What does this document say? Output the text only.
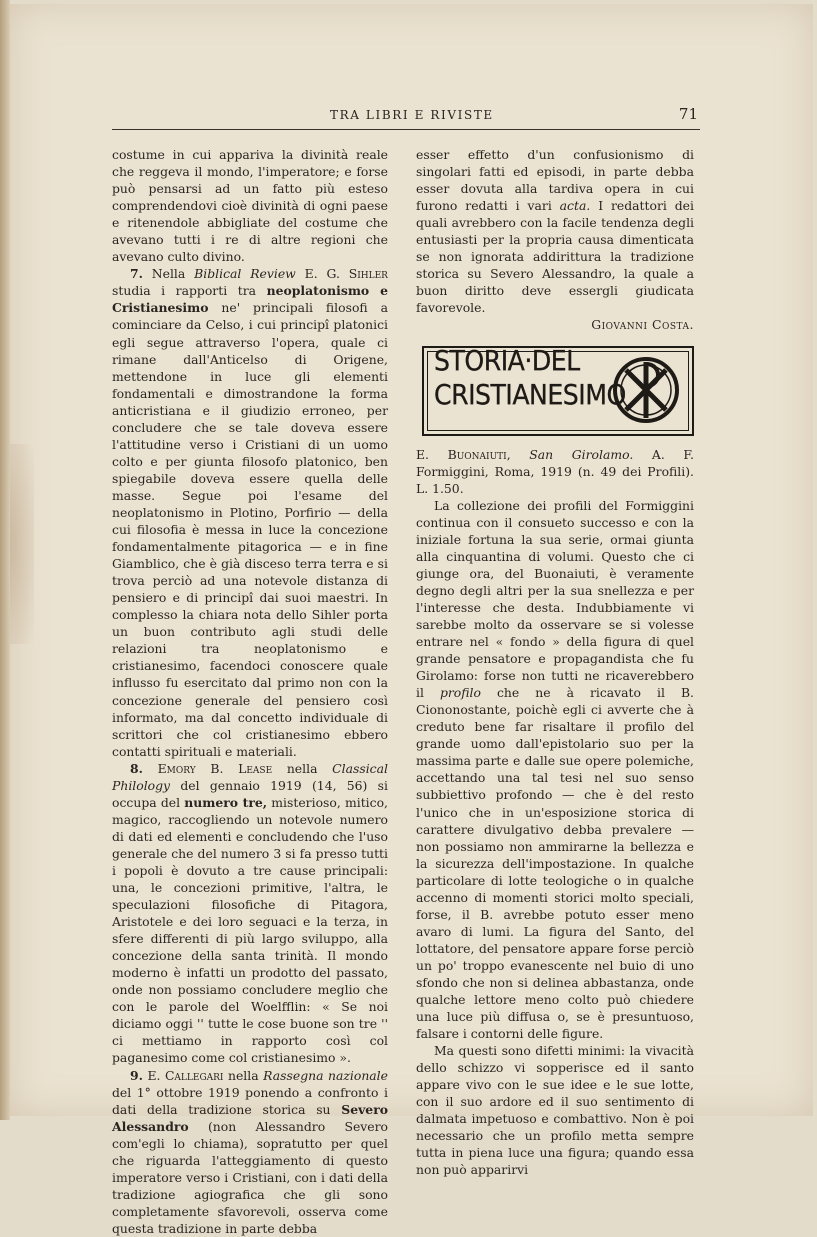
TRA LIBRI E RIVISTE	71

costume in cui appariva la divinità reale che reggeva il mondo, l'imperatore; e forse può pensarsi ad un fatto più esteso comprendendovi cioè divinità di ogni paese e ritenendole abbigliate del costume che avevano tutti i re di altre regioni che avevano culto divino.

7. Nella Biblical Review E. G. Sihler studia i rapporti tra neoplatonismo e Cristianesimo ne' principali filosofi a cominciare da Celso, i cui principî platonici egli segue attraverso l'opera, quale ci rimane dall'Anticelso di Origene, mettendone in luce gli elementi fondamentali e dimostrandone la forma anticristiana e il giudizio erroneo, per concludere che se tale doveva essere l'attitudine verso i Cristiani di un uomo colto e per giunta filosofo platonico, ben spiegabile doveva essere quella delle masse. Segue poi l'esame del neoplatonismo in Plotino, Porfirio — della cui filosofia è messa in luce la concezione fondamentalmente pitagorica — e in fine Giamblico, che è già disceso terra terra e si trova perciò ad una notevole distanza di pensiero e di principî dai suoi maestri. In complesso la chiara nota dello Sihler porta un buon contributo agli studi delle relazioni tra neoplatonismo e cristianesimo, facendoci conoscere quale influsso fu esercitato dal primo non con la concezione generale del pensiero così informato, ma dal concetto individuale di scrittori che col cristianesimo ebbero contatti spirituali e materiali.

8. Emory B. Lease nella Classical Philology del gennaio 1919 (14, 56) si occupa del numero tre, misterioso, mitico, magico, raccogliendo un notevole numero di dati ed elementi e concludendo che l'uso generale che del numero 3 si fa presso tutti i popoli è dovuto a tre cause principali: una, le concezioni primitive, l'altra, le speculazioni filosofiche di Pitagora, Aristotele e dei loro seguaci e la terza, in sfere differenti di più largo sviluppo, alla concezione della santa trinità. Il mondo moderno è infatti un prodotto del passato, onde non possiamo concludere meglio che con le parole del Woelfflin: « Se noi diciamo oggi '' tutte le cose buone son tre '' ci mettiamo in rapporto così col paganesimo come col cristianesimo ».

9. E. Callegari nella Rassegna nazionale del 1° ottobre 1919 ponendo a confronto i dati della tradizione storica su Severo Alessandro (non Alessandro Severo com'egli lo chiama), sopratutto per quel che riguarda l'atteggiamento di questo imperatore verso i Cristiani, con i dati della tradizione agiografica che gli sono completamente sfavorevoli, osserva come questa tradizione in parte debba

esser effetto d'un confusionismo di singolari fatti ed episodi, in parte debba esser dovuta alla tardiva opera in cui furono redatti i vari acta. I redattori dei quali avrebbero con la facile tendenza degli entusiasti per la propria causa dimenticata se non ignorata addirittura la tradizione storica su Severo Alessandro, la quale a buon diritto deve essergli giudicata favorevole.

Giovanni Costa.

STORIA·DEL
CRISTIANESIMO

E. Buonaiuti, San Girolamo. A. F. Formiggini, Roma, 1919 (n. 49 dei Profili). L. 1.50.

La collezione dei profili del Formiggini continua con il consueto successo e con la iniziale fortuna la sua serie, ormai giunta alla cinquantina di volumi. Questo che ci giunge ora, del Buonaiuti, è veramente degno degli altri per la sua snellezza e per l'interesse che desta. Indubbiamente vi sarebbe molto da osservare se si volesse entrare nel « fondo » della figura di quel grande pensatore e propagandista che fu Girolamo: forse non tutti ne ricaverebbero il profilo che ne à ricavato il B. Ciononostante, poichè egli ci avverte che à creduto bene far risaltare il profilo del grande uomo dall'epistolario suo per la massima parte e dalle sue opere polemiche, accettando una tal tesi nel suo senso subbiettivo profondo — che è del resto l'unico che in un'esposizione storica di carattere divulgativo debba prevalere — non possiamo non ammirarne la bellezza e la sicurezza dell'impostazione. In qualche particolare di lotte teologiche o in qualche accenno di momenti storici molto speciali, forse, il B. avrebbe potuto esser meno avaro di lumi. La figura del Santo, del lottatore, del pensatore appare forse perciò un po' troppo evanescente nel buio di uno sfondo che non si delinea abbastanza, onde qualche lettore meno colto può chiedere una luce più diffusa o, se è presuntuoso, falsare i contorni delle figure.

Ma questi sono difetti minimi: la vivacità dello schizzo vi sopperisce ed il santo appare vivo con le sue idee e le sue lotte, con il suo ardore ed il suo sentimento di dalmata impetuoso e combattivo. Non è poi necessario che un profilo metta sempre tutta in piena luce una figura; quando essa non può apparirvi
